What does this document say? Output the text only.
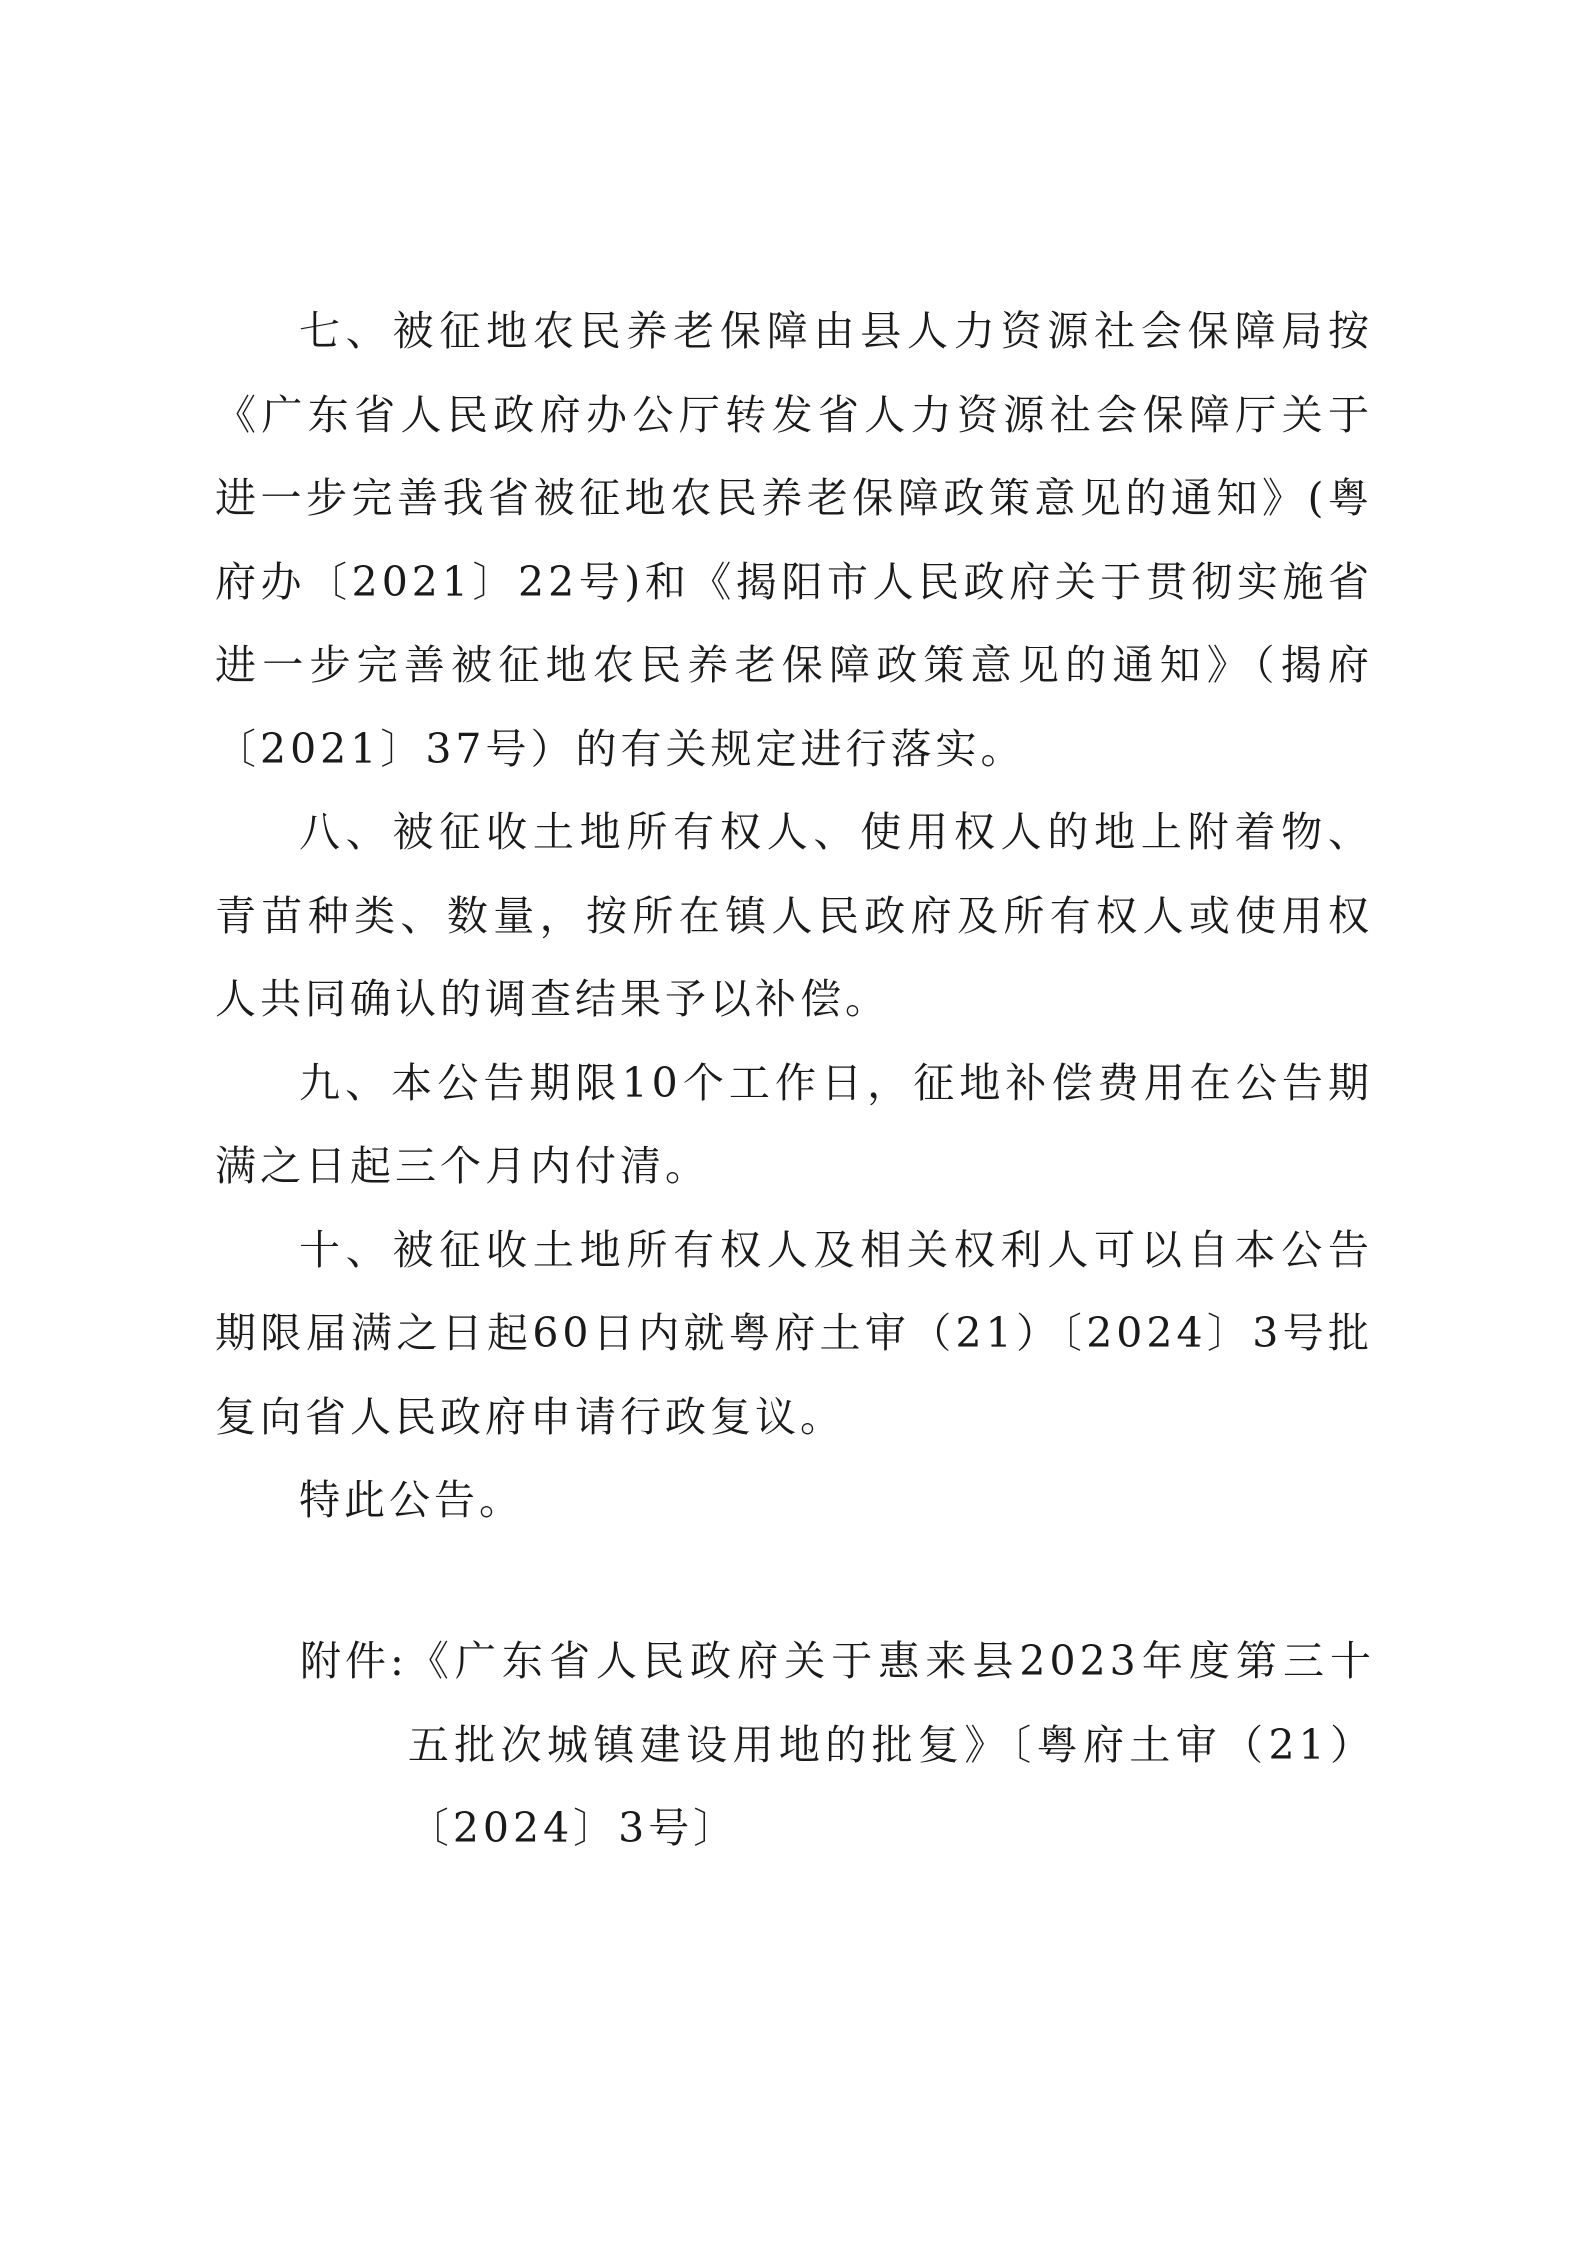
七、被征地农民养老保障由县人力资源社会保障局按《广东省人民政府办公厅转发省人力资源社会保障厅关于进一步完善我省被征地农民养老保障政策意见的通知》(粤府办〔2021〕22号)和《揭阳市人民政府关于贯彻实施省进一步完善被征地农民养老保障政策意见的通知》（揭府〔2021〕37号）的有关规定进行落实。

八、被征收土地所有权人、使用权人的地上附着物、青苗种类、数量，按所在镇人民政府及所有权人或使用权人共同确认的调查结果予以补偿。

九、本公告期限10个工作日，征地补偿费用在公告期满之日起三个月内付清。

十、被征收土地所有权人及相关权利人可以自本公告期限届满之日起60日内就粤府土审（21）〔2024〕3号批复向省人民政府申请行政复议。

特此公告。

附件: 《广东省人民政府关于惠来县2023年度第三十五批次城镇建设用地的批复》〔粤府土审（21）〔2024〕3号〕
